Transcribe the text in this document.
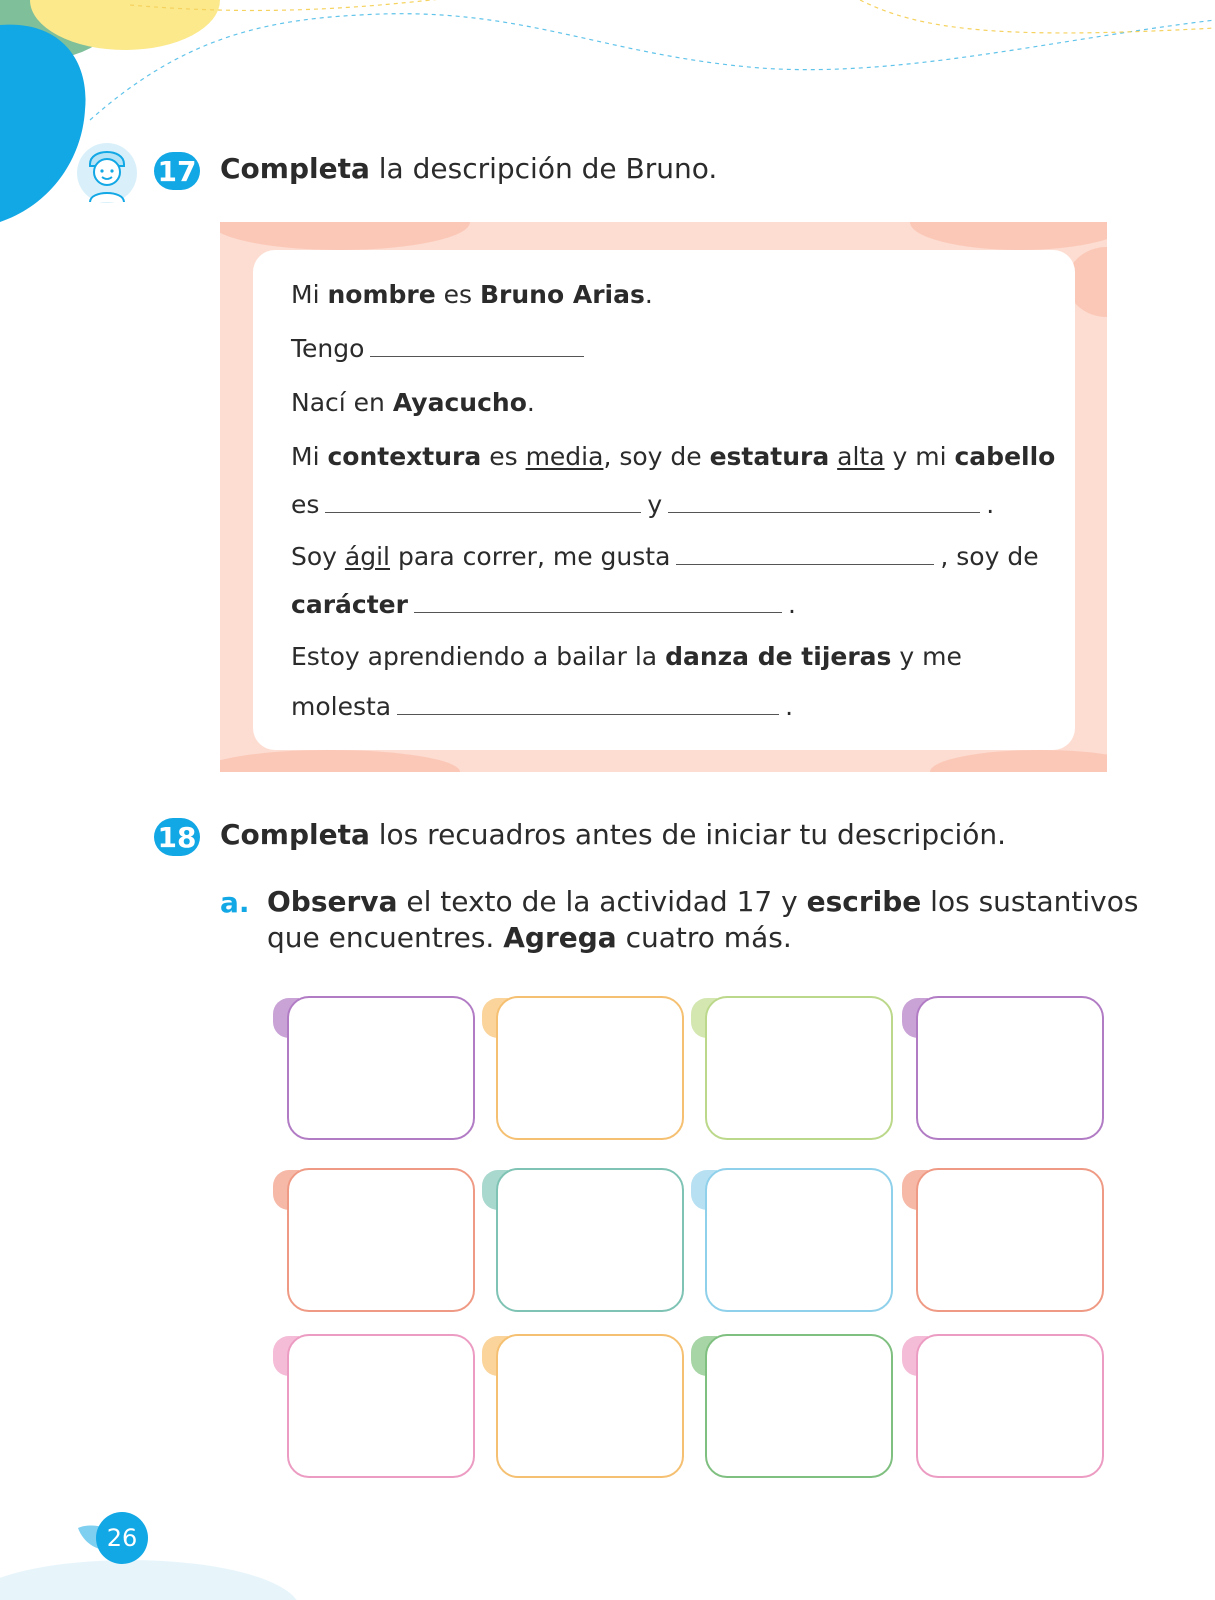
17 Completa la descripción de Bruno.
Mi nombre es Bruno Arias.
Tengo
Nací en Ayacucho.
Mi contextura es media, soy de estatura alta y mi cabello
es	y	.
Soy ágil para correr, me gusta	, soy de
carácter	.
Estoy aprendiendo a bailar la danza de tijeras y me
molesta	.
18 Completa los recuadros antes de iniciar tu descripción.
a. Observa el texto de la actividad 17 y escribe los sustantivos
que encuentres. Agrega cuatro más.
26
